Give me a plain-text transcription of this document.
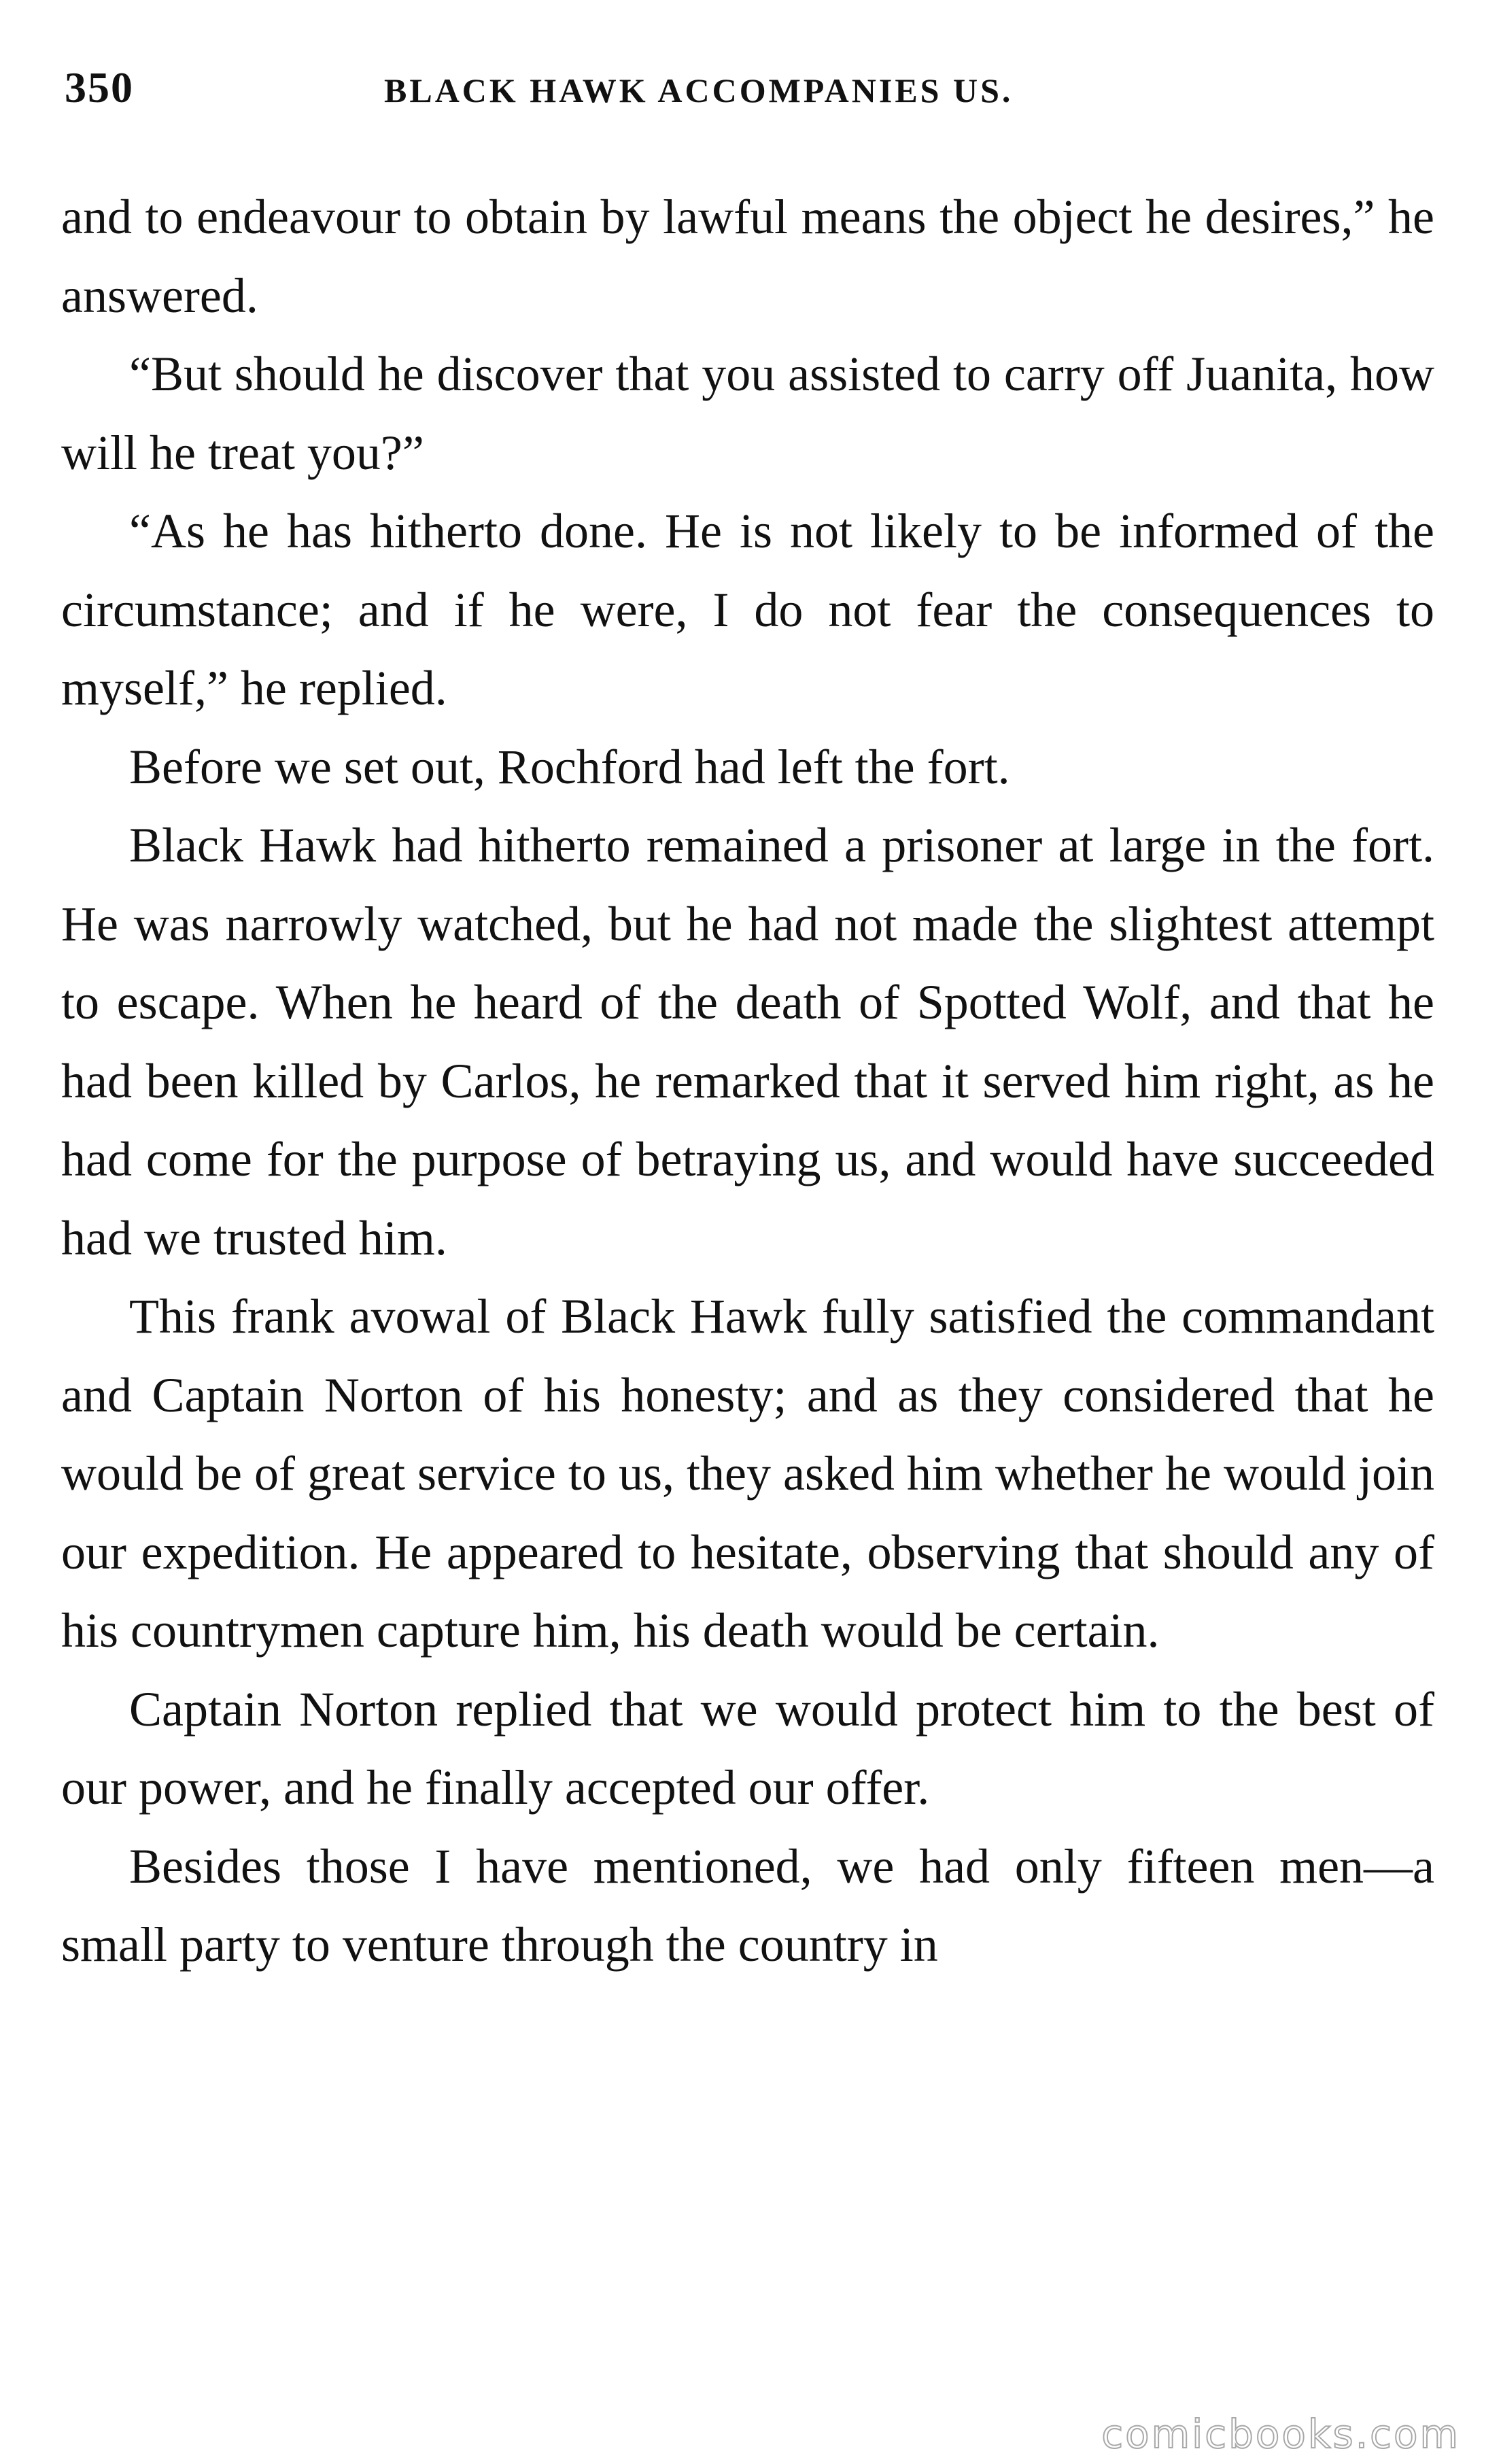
350	BLACK HAWK ACCOMPANIES US.

and to endeavour to obtain by lawful means the object he desires,” he answered.

“But should he discover that you assisted to carry off Juanita, how will he treat you?”

“As he has hitherto done. He is not likely to be informed of the circumstance; and if he were, I do not fear the consequences to myself,” he replied.

Before we set out, Rochford had left the fort.

Black Hawk had hitherto remained a prisoner at large in the fort. He was narrowly watched, but he had not made the slightest attempt to escape. When he heard of the death of Spotted Wolf, and that he had been killed by Carlos, he remarked that it served him right, as he had come for the purpose of betraying us, and would have succeeded had we trusted him.

This frank avowal of Black Hawk fully satisfied the commandant and Captain Norton of his honesty; and as they considered that he would be of great service to us, they asked him whether he would join our expedition. He appeared to hesitate, observing that should any of his countrymen capture him, his death would be certain.

Captain Norton replied that we would protect him to the best of our power, and he finally accepted our offer.

Besides those I have mentioned, we had only fifteen men—a small party to venture through the country in

comicbooks.com
